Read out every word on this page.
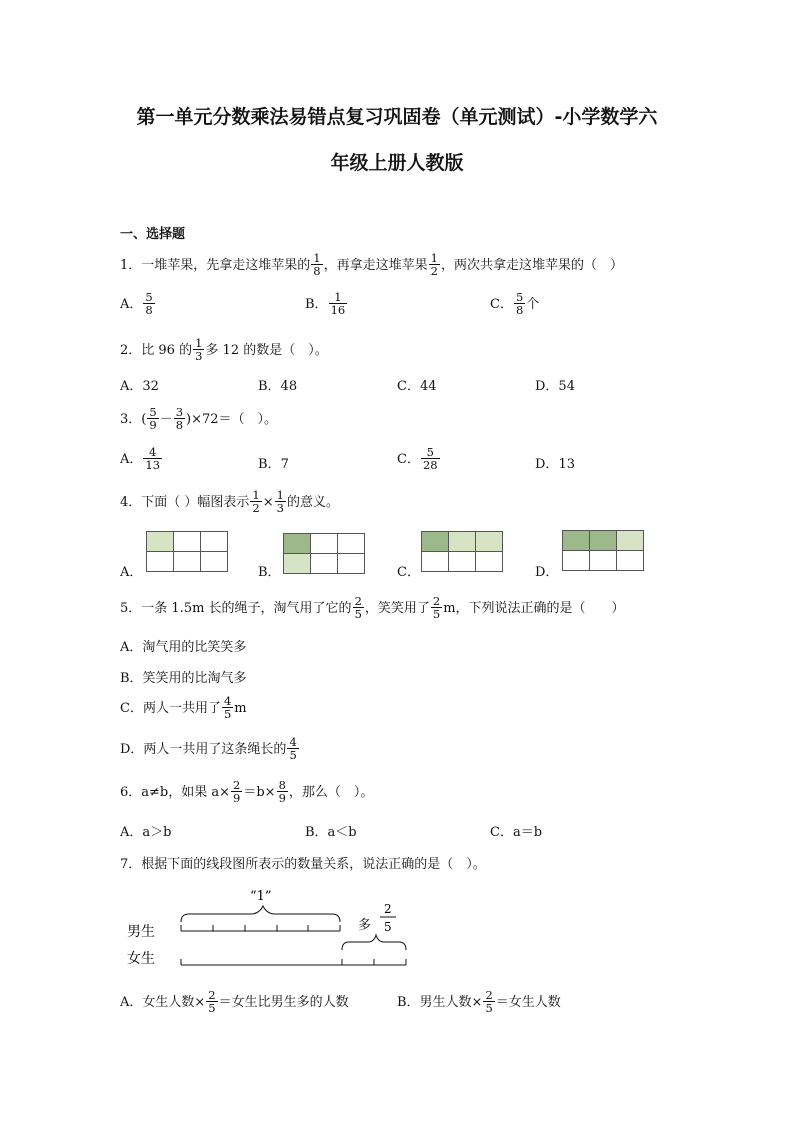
第一单元分数乘法易错点复习巩固卷（单元测试）-小学数学六
年级上册人教版
一、选择题
1．一堆苹果，先拿走这堆苹果的 $\frac{1}{8}$ ，再拿走这堆苹果 $\frac{1}{2}$ ，两次共拿走这堆苹果的（　）
A． $\frac{5}{8}$	B． $\frac{1}{16}$	C． $\frac{5}{8}$ 个
2．比 96 的 $\frac{1}{3}$ 多 12 的数是（　）。
A．32	B．48	C．44	D．54
3．( $\frac{5}{9} - \frac{3}{8} )\times 72=$（　）。
A． $\frac{4}{13}$	B．7	C． $\frac{5}{28}$	D．13
4．下面（ ）幅图表示 $\frac{1}{2} \times \frac{1}{3}$ 的意义。
A．	B．	C．	D．

5．一条 1.5m 长的绳子，淘气用了它的 $\frac{2}{5}$ ，笑笑用了 $\frac{2}{5}$ m，下列说法正确的是（　　）
A．淘气用的比笑笑多
B．笑笑用的比淘气多
C．两人一共用了 $\frac{4}{5}$ m
D．两人一共用了这条绳长的 $\frac{4}{5}$
6．a≠b，如果 $a\times \frac{2}{9} =b\times \frac{8}{9}$ ，那么（　）。
A．a＞b	B．a＜b	C．a＝b
7．根据下面的线段图所表示的数量关系，说法正确的是（　）。
“1”
男生	多
2
5
女生
A．女生人数× $\frac{2}{5}$ ＝女生比男生多的人数	B．男生人数× $\frac{2}{5}$ ＝女生人数
